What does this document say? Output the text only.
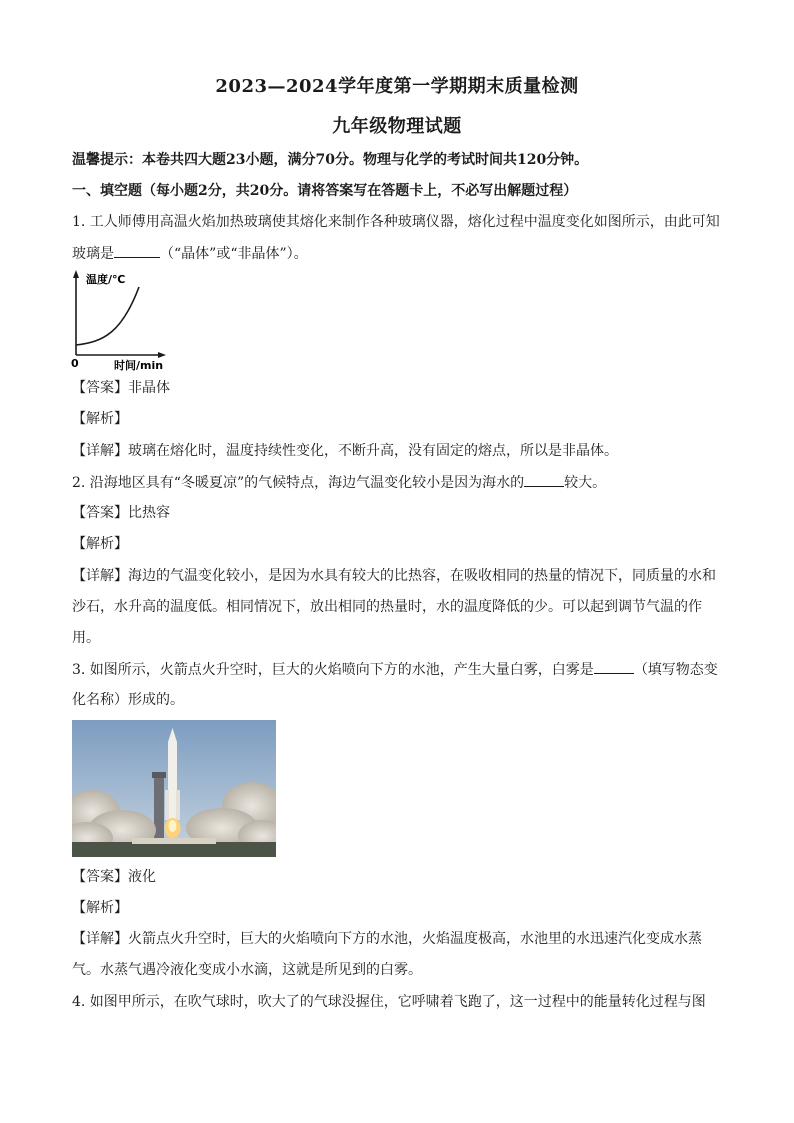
2023—2024学年度第一学期期末质量检测
九年级物理试题
温馨提示：本卷共四大题23小题，满分70分。物理与化学的考试时间共120分钟。
一、填空题（每小题2分，共20分。请将答案写在答题卡上，不必写出解题过程）
1. 工人师傅用高温火焰加热玻璃使其熔化来制作各种玻璃仪器，熔化过程中温度变化如图所示，由此可知
玻璃是	（“晶体”或“非晶体”）。
温度/℃
时间/min
0
【答案】非晶体
【解析】
【详解】玻璃在熔化时，温度持续性变化，不断升高，没有固定的熔点，所以是非晶体。
2. 沿海地区具有“冬暖夏凉”的气候特点，海边气温变化较小是因为海水的	较大。
【答案】比热容
【解析】
【详解】海边的气温变化较小，是因为水具有较大的比热容，在吸收相同的热量的情况下，同质量的水和
沙石，水升高的温度低。相同情况下，放出相同的热量时，水的温度降低的少。可以起到调节气温的作
用。
3. 如图所示，火箭点火升空时，巨大的火焰喷向下方的水池，产生大量白雾，白雾是	（填写物态变
化名称）形成的。
【答案】液化
【解析】
【详解】火箭点火升空时，巨大的火焰喷向下方的水池，火焰温度极高，水池里的水迅速汽化变成水蒸
气。水蒸气遇冷液化变成小水滴，这就是所见到的白雾。
4. 如图甲所示，在吹气球时，吹大了的气球没握住，它呼啸着飞跑了，这一过程中的能量转化过程与图
